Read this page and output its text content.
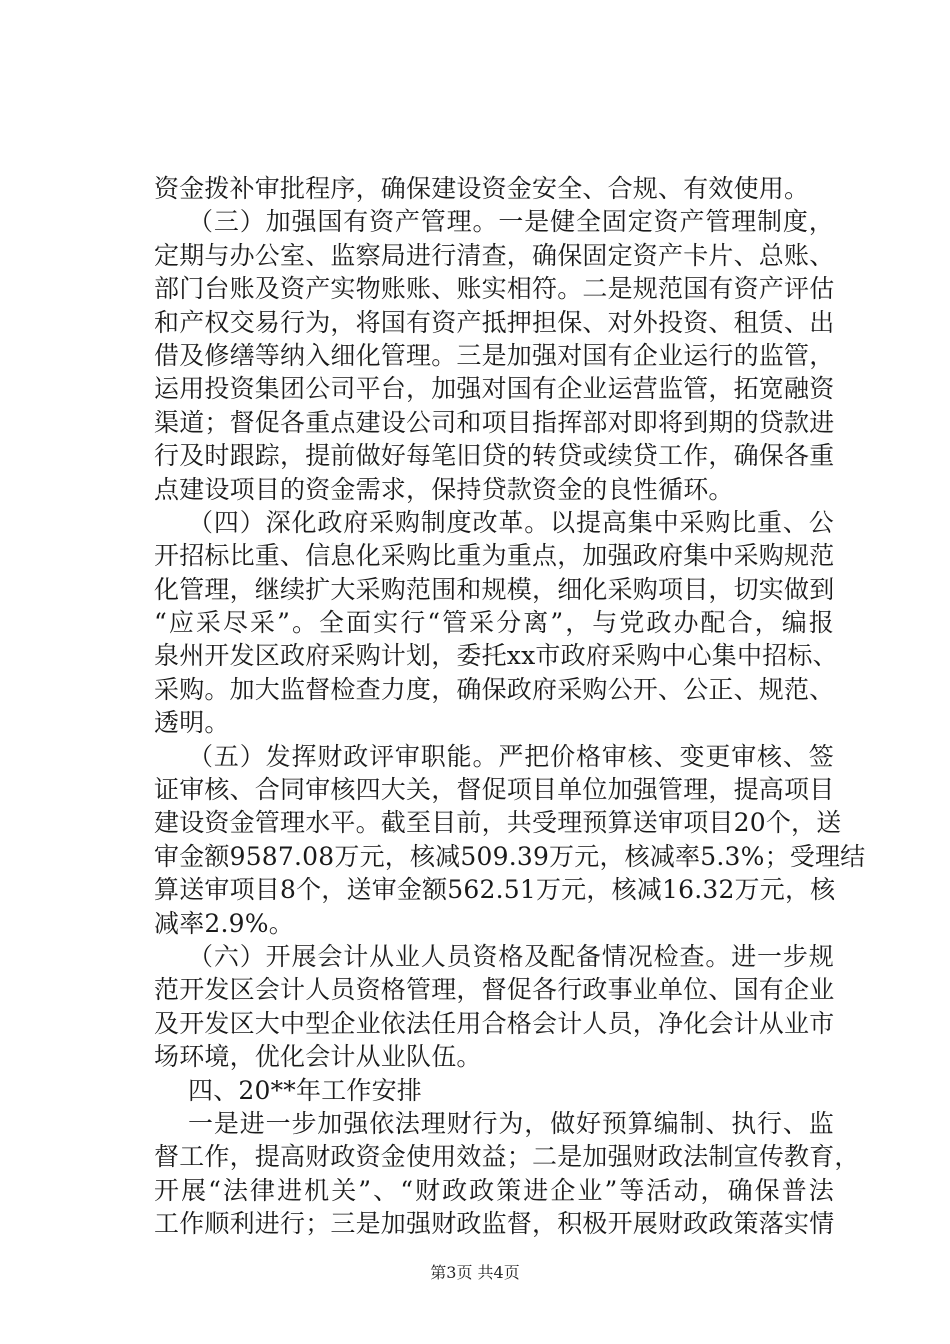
资金拨补审批程序，确保建设资金安全、合规、有效使用。
（三）加强国有资产管理。一是健全固定资产管理制度，
定期与办公室、监察局进行清查，确保固定资产卡片、总账、
部门台账及资产实物账账、账实相符。二是规范国有资产评估
和产权交易行为，将国有资产抵押担保、对外投资、租赁、出
借及修缮等纳入细化管理。三是加强对国有企业运行的监管，
运用投资集团公司平台，加强对国有企业运营监管，拓宽融资
渠道；督促各重点建设公司和项目指挥部对即将到期的贷款进
行及时跟踪，提前做好每笔旧贷的转贷或续贷工作，确保各重
点建设项目的资金需求，保持贷款资金的良性循环。
（四）深化政府采购制度改革。以提高集中采购比重、公
开招标比重、信息化采购比重为重点，加强政府集中采购规范
化管理，继续扩大采购范围和规模，细化采购项目，切实做到
“应采尽采”。全面实行“管采分离”，与党政办配合，编报
泉州开发区政府采购计划，委托xx市政府采购中心集中招标、
采购。加大监督检查力度，确保政府采购公开、公正、规范、
透明。
（五）发挥财政评审职能。严把价格审核、变更审核、签
证审核、合同审核四大关，督促项目单位加强管理，提高项目
建设资金管理水平。截至目前，共受理预算送审项目20个，送
审金额9587.08万元，核减509.39万元，核减率5.3%；受理结
算送审项目8个，送审金额562.51万元，核减16.32万元，核
减率2.9%。
（六）开展会计从业人员资格及配备情况检查。进一步规
范开发区会计人员资格管理，督促各行政事业单位、国有企业
及开发区大中型企业依法任用合格会计人员，净化会计从业市
场环境，优化会计从业队伍。
四、20**年工作安排
一是进一步加强依法理财行为，做好预算编制、执行、监
督工作，提高财政资金使用效益；二是加强财政法制宣传教育，
开展“法律进机关”、“财政政策进企业”等活动，确保普法
工作顺利进行；三是加强财政监督，积极开展财政政策落实情
第3页 共4页
